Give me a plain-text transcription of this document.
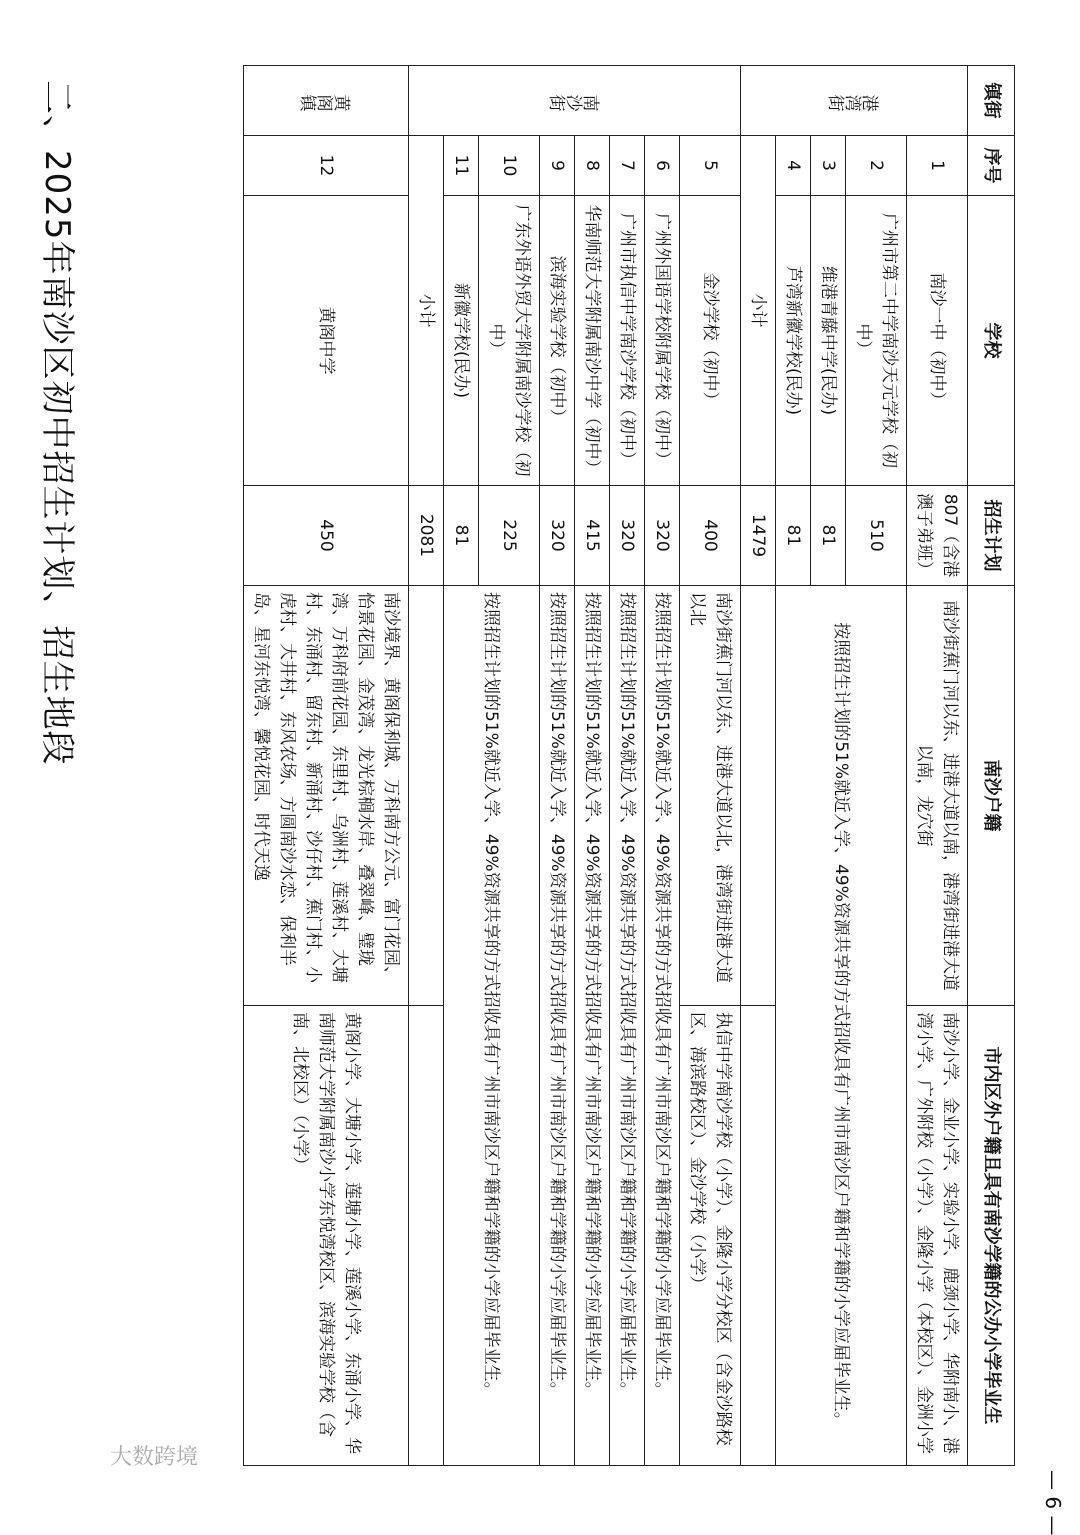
二、2025年南沙区初中招生计划、招生地段	镇街	序号	学校	招生计划	南沙户籍	市内区外户籍且具有南沙学籍的公办小学毕业生
港湾街	1	南沙一中（初中）	807（含港澳子弟班）	南沙街蕉门河以东、进港大道以南，港湾街进港大道以南，龙穴街	南沙小学、金业小学、实验小学、鹿颈小学、华附南小、港湾小学、广外附校（小学）、金隆小学（本校区）、金洲小学
	2	广州市第二中学南沙天元学校（初中）	510	按照招生计划的51%就近入学、49%资源共享的方式招收具有广州市南沙区户籍和学籍的小学应届毕业生。	
	3	维港青藤中学(民办)	81		
	4	芦湾新徽学校(民办)	81		
	小计		1479		
南沙街	5	金沙学校（初中）	400	南沙街蕉门河以东、进港大道以北，港湾街进港大道以北	执信中学南沙学校（小学）、金隆小学分校区（含金沙路校区、海滨路校区）、金沙学校（小学）
	6	广州外国语学校附属学校（初中）	320	按照招生计划的51%就近入学、49%资源共享的方式招收具有广州市南沙区户籍和学籍的小学应届毕业生。	
	7	广州市执信中学南沙学校（初中）	320	按照招生计划的51%就近入学、49%资源共享的方式招收具有广州市南沙区户籍和学籍的小学应届毕业生。	
	8	华南师范大学附属南沙中学（初中）	415	按照招生计划的51%就近入学、49%资源共享的方式招收具有广州市南沙区户籍和学籍的小学应届毕业生。	
	9	滨海实验学校（初中）	320	按照招生计划的51%就近入学、49%资源共享的方式招收具有广州市南沙区户籍和学籍的小学应届毕业生。	
	10	广东外语外贸大学附属南沙学校（初中）	225	按照招生计划的51%就近入学、49%资源共享的方式招收具有广州市南沙区户籍和学籍的小学应届毕业生。	
	11	新徽学校(民办)	81		
	小计		2081		
黄阁镇	12	黄阁中学	450	南沙境界、黄阁保利城、万科南方公元、富门花园、怡景花园、金茂湾、龙光棕榈水岸、叠翠峰、璧珑湾、万科府前花园、东里村、乌洲村、莲溪村、大塘村、东涌村、留东村、新涌村、沙仔村、蕉门村、小虎村、大井村、东风农场、方圆南沙水恋、保利半岛、星河东悦湾、馨悦花园、时代天逸	黄阁小学、大塘小学、莲塘小学、莲溪小学、东涌小学、华南师范大学附属南沙小学东悦湾校区、滨海实验学校（含南、北校区）（小学）
— 6 —
大数跨境
